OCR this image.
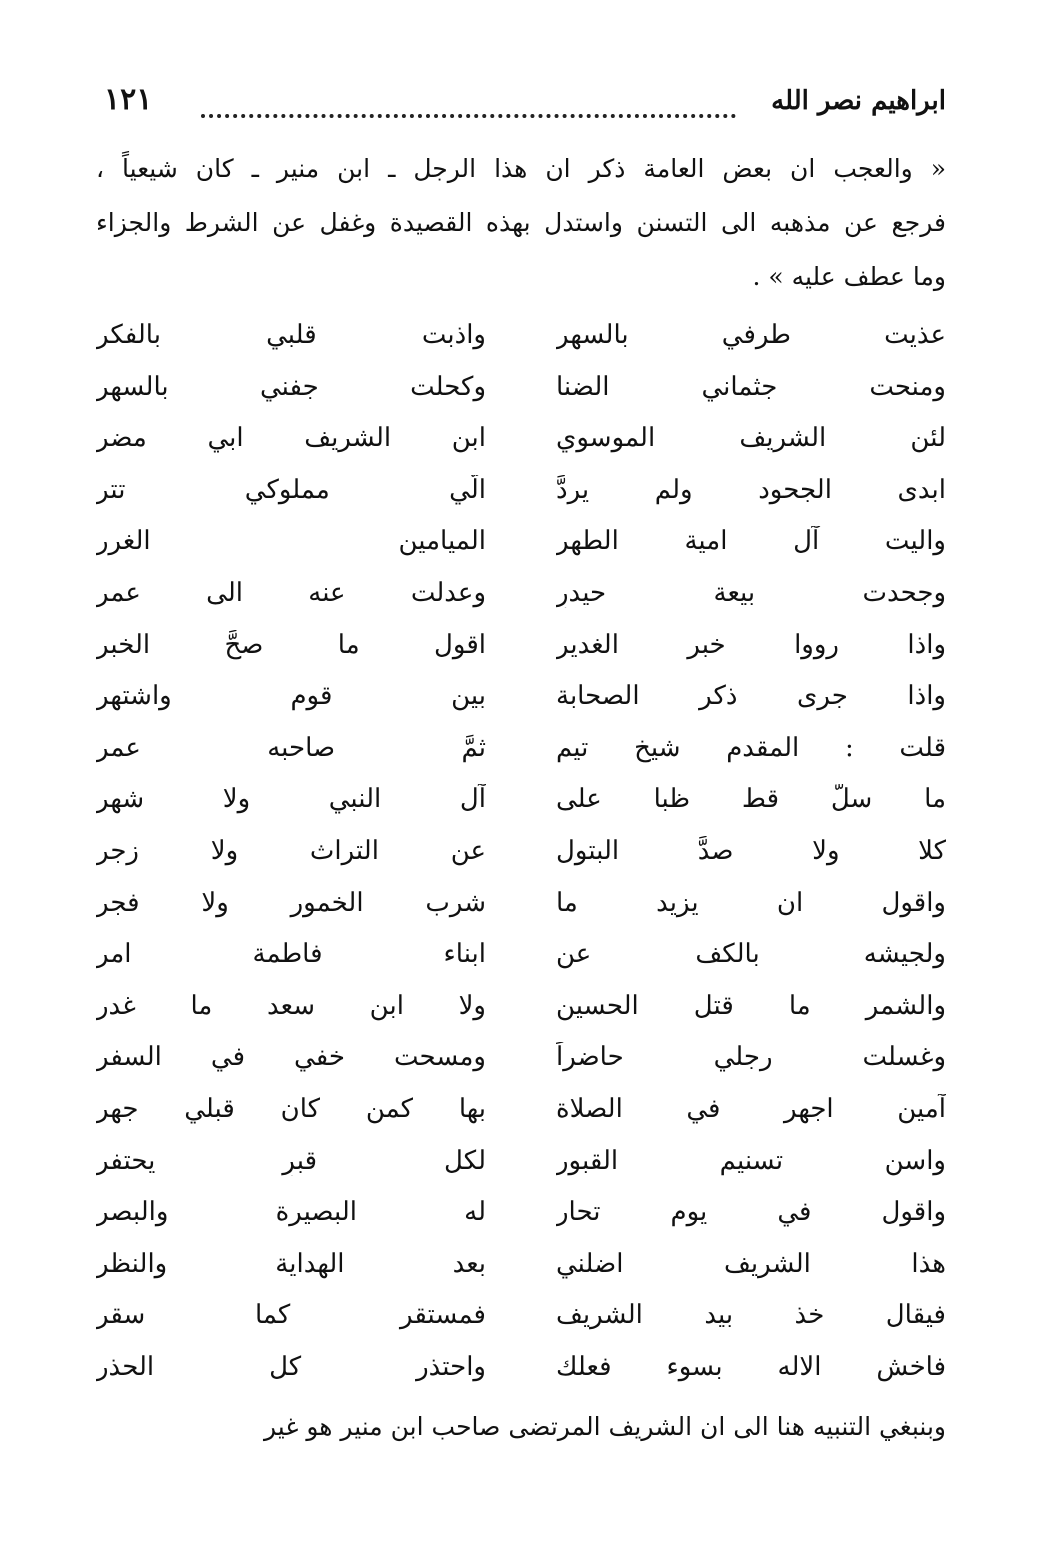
ابراهيم نصر الله
١٢١
« والعجب ان بعض العامة ذكر ان هذا الرجل ـ ابن منير ـ كان شيعياً ،
فرجع عن مذهبه الى التسنن واستدل بهذه القصيدة وغفل عن الشرط والجزاء
وما عطف عليه » .
عذيت طرفي بالسهر
واذبت قلبي بالفكر
ومنحت جثماني الضنا
وكحلت جفني بالسهر
لئن الشريف الموسوي
ابن الشريف ابي مضر
ابدى الجحود ولم يردَّ
الَّي مملوكي تتر
واليت آل امية الطهر
الميامين الغرر
وجحدت بيعة حيدرٍ
وعدلت عنه الى عمر
واذا رووا خبر الغدير
اقول ما صحَّ الخبر
واذا جرى ذكر الصحابة
بين قوم واشتهر
قلت : المقدم شيخ تيمٍ
ثمَّ صاحبه عمر
ما سلَّ قط ظبا على
آل النبي ولا شهر
كلا ولا صدَّ البتول
عن التراث ولا زجر
واقول ان يزيد ما
شرب الخمور ولا فجر
ولجيشه بالكف عن
ابناء فاطمة امر
والشمر ما قتل الحسين
ولا ابن سعد ما غدر
وغسلت رجلي حاضراً
ومسحت خفي في السفر
آمين اجهر في الصلاة
بها كمن كان قبلي جهر
واسن تسنيم القبور
لكل قبرٍ يحتفر
واقول في يوم تحار
له البصيرة والبصر
هذا الشريف اضلني
بعد الهداية والنظر
فيقال خذ بيد الشريف
فمستقر كما سقر
فاخش الاله بسوء فعلك
واحتذر كل الحذر
وبنبغي التنبيه هنا الى ان الشريف المرتضى صاحب ابن منير هو غير
